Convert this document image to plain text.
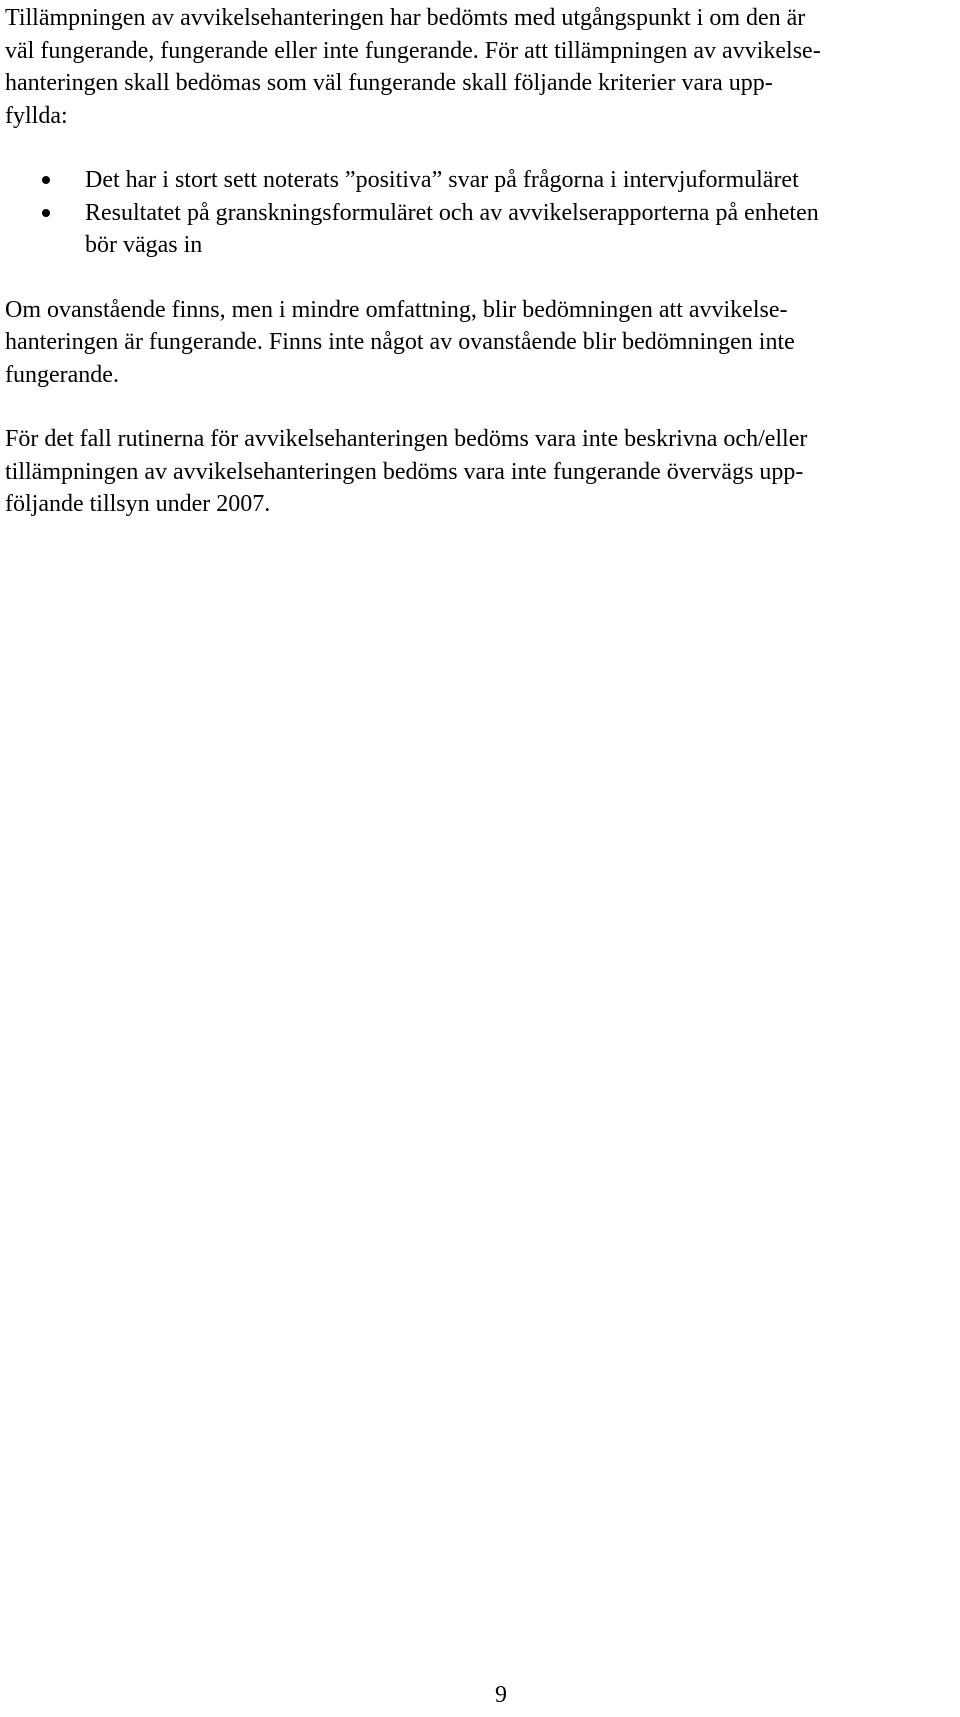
Tillämpningen av avvikelsehanteringen har bedömts med utgångspunkt i om den är
väl fungerande, fungerande eller inte fungerande. För att tillämpningen av avvikelse-
hanteringen skall bedömas som väl fungerande skall följande kriterier vara upp-
fyllda:

Det har i stort sett noterats ”positiva” svar på frågorna i intervjuformuläret
Resultatet på granskningsformuläret och av avvikelserapporterna på enheten
bör vägas in

Om ovanstående finns, men i mindre omfattning, blir bedömningen att avvikelse-
hanteringen är fungerande. Finns inte något av ovanstående blir bedömningen inte
fungerande.

För det fall rutinerna för avvikelsehanteringen bedöms vara inte beskrivna och/eller
tillämpningen av avvikelsehanteringen bedöms vara inte fungerande övervägs upp-
följande tillsyn under 2007.

9
